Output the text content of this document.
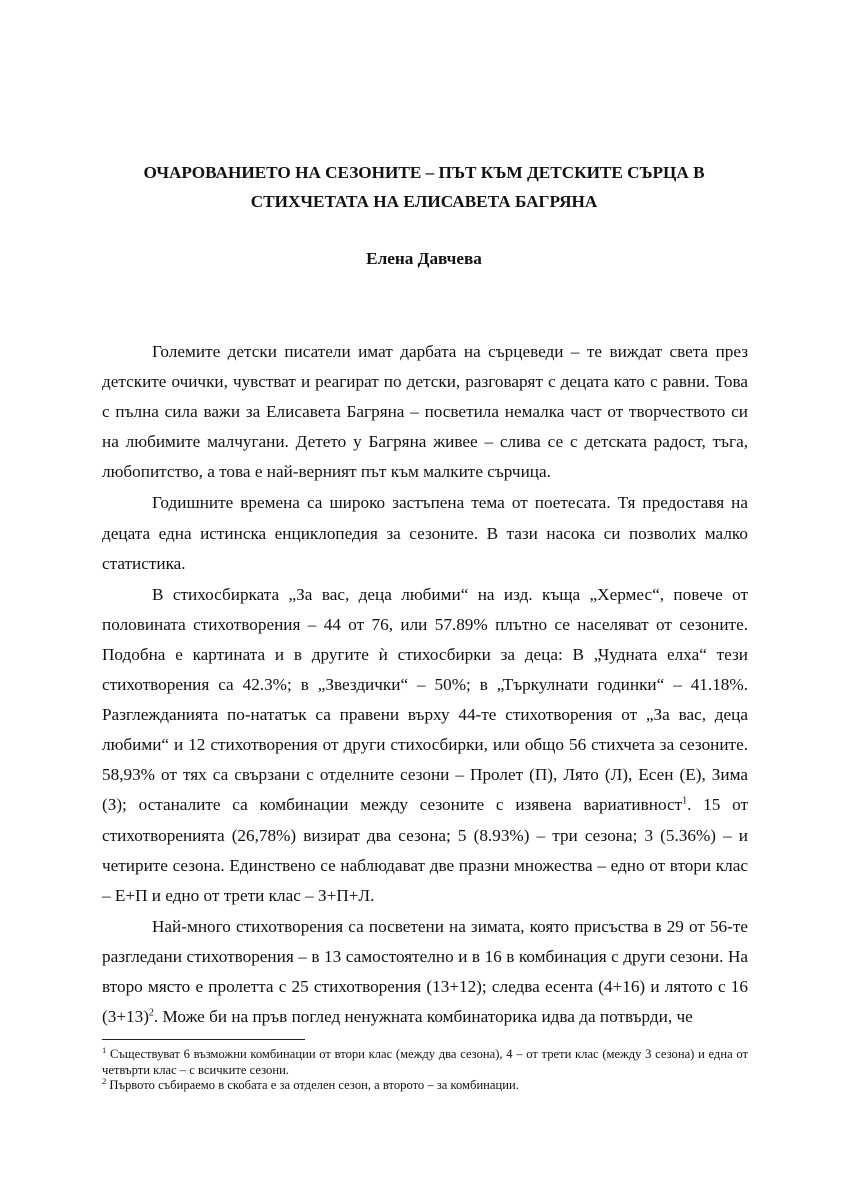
ОЧАРОВАНИЕТО НА СЕЗОНИТЕ – ПЪТ КЪМ ДЕТСКИТЕ СЪРЦА В
СТИХЧЕТАТА НА ЕЛИСАВЕТА БАГРЯНА

Елена Давчева

Големите детски писатели имат дарбата на сърцеведи – те виждат света през детските очички, чувстват и реагират по детски, разговарят с децата като с равни. Това с пълна сила важи за Елисавета Багряна – посветила немалка част от творчеството си на любимите малчугани. Детето у Багряна живее – слива се с детската радост, тъга, любопитство, а това е най-верният път към малките сърчица.

Годишните времена са широко застъпена тема от поетесата. Тя предоставя на децата една истинска енциклопедия за сезоните. В тази насока си позволих малко статистика.

В стихосбирката „За вас, деца любими“ на изд. къща „Хермес“, повече от половината стихотворения – 44 от 76, или 57.89% плътно се населяват от сезоните. Подобна е картината и в другите ѝ стихосбирки за деца: В „Чудната елха“ тези стихотворения са 42.3%; в „Звездички“ – 50%; в „Търкулнати годинки“ – 41.18%. Разглежданията по-нататък са правени върху 44-те стихотворения от „За вас, деца любими“ и 12 стихотворения от други стихосбирки, или общо 56 стихчета за сезоните. 58,93% от тях са свързани с отделните сезони – Пролет (П), Лято (Л), Есен (Е), Зима (З); останалите са комбинации между сезоните с изявена вариативност$^1$. 15 от стихотворенията (26,78%) визират два сезона; 5 (8.93%) – три сезона; 3 (5.36%) – и четирите сезона. Единствено се наблюдават две празни множества – едно от втори клас – Е+П и едно от трети клас – З+П+Л.

Най-много стихотворения са посветени на зимата, която присъства в 29 от 56-те разгледани стихотворения – в 13 самостоятелно и в 16 в комбинация с други сезони. На второ място е пролетта с 25 стихотворения (13+12); следва есента (4+16) и лятото с 16 $(3+13)^2$. Може би на пръв поглед ненужната комбинаторика идва да потвърди, че

$^1$ Съществуват 6 възможни комбинации от втори клас (между два сезона), 4 – от трети клас (между 3 сезона) и една от четвърти клас – с всичките сезони.

$^2$ Първото събираемо в скобата е за отделен сезон, а второто – за комбинации.
